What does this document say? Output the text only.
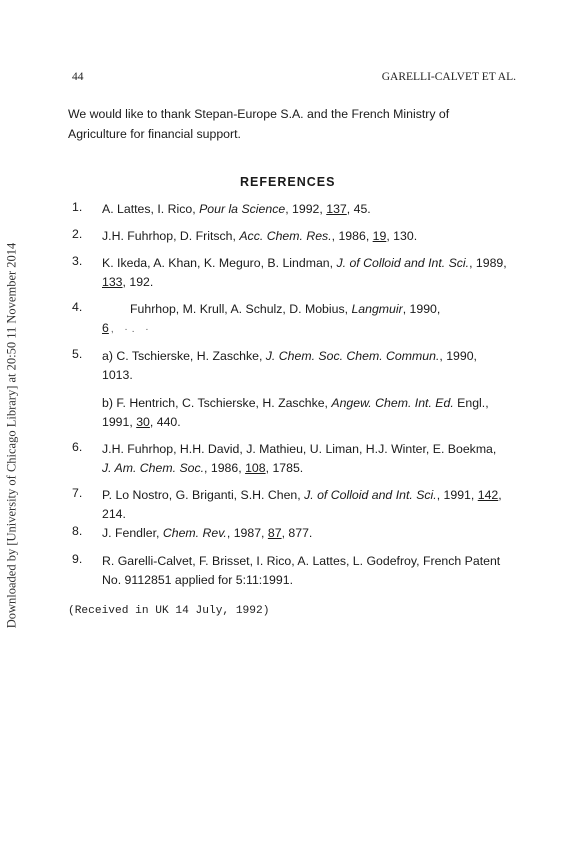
Downloaded by [University of Chicago Library] at 20:50 11 November 2014
44	GARELLI-CALVET ET AL.
We would like to thank Stepan-Europe S.A. and the French Ministry of Agriculture for financial support.
REFERENCES
1. A. Lattes, I. Rico, Pour la Science, 1992, 137, 45.
2. J.H. Fuhrhop, D. Fritsch, Acc. Chem. Res., 1986, 19, 130.
3. K. Ikeda, A. Khan, K. Meguro, B. Lindman, J. of Colloid and Int. Sci., 1989, 133, 192.
4.	Fuhrhop, M. Krull, A. Schulz, D. Mobius, Langmuir, 1990,
6 , ·. ·
5. a) C. Tschierske, H. Zaschke, J. Chem. Soc. Chem. Commun., 1990, 1013.
b) F. Hentrich, C. Tschierske, H. Zaschke, Angew. Chem. Int. Ed. Engl., 1991, 30, 440.
6. J.H. Fuhrhop, H.H. David, J. Mathieu, U. Liman, H.J. Winter, E. Boekma, J. Am. Chem. Soc., 1986, 108, 1785.
7. P. Lo Nostro, G. Briganti, S.H. Chen, J. of Colloid and Int. Sci., 1991, 142, 214.
8. J. Fendler, Chem. Rev., 1987, 87, 877.
9. R. Garelli-Calvet, F. Brisset, I. Rico, A. Lattes, L. Godefroy, French Patent No. 9112851 applied for 5:11:1991.
(Received in UK 14 July, 1992)
